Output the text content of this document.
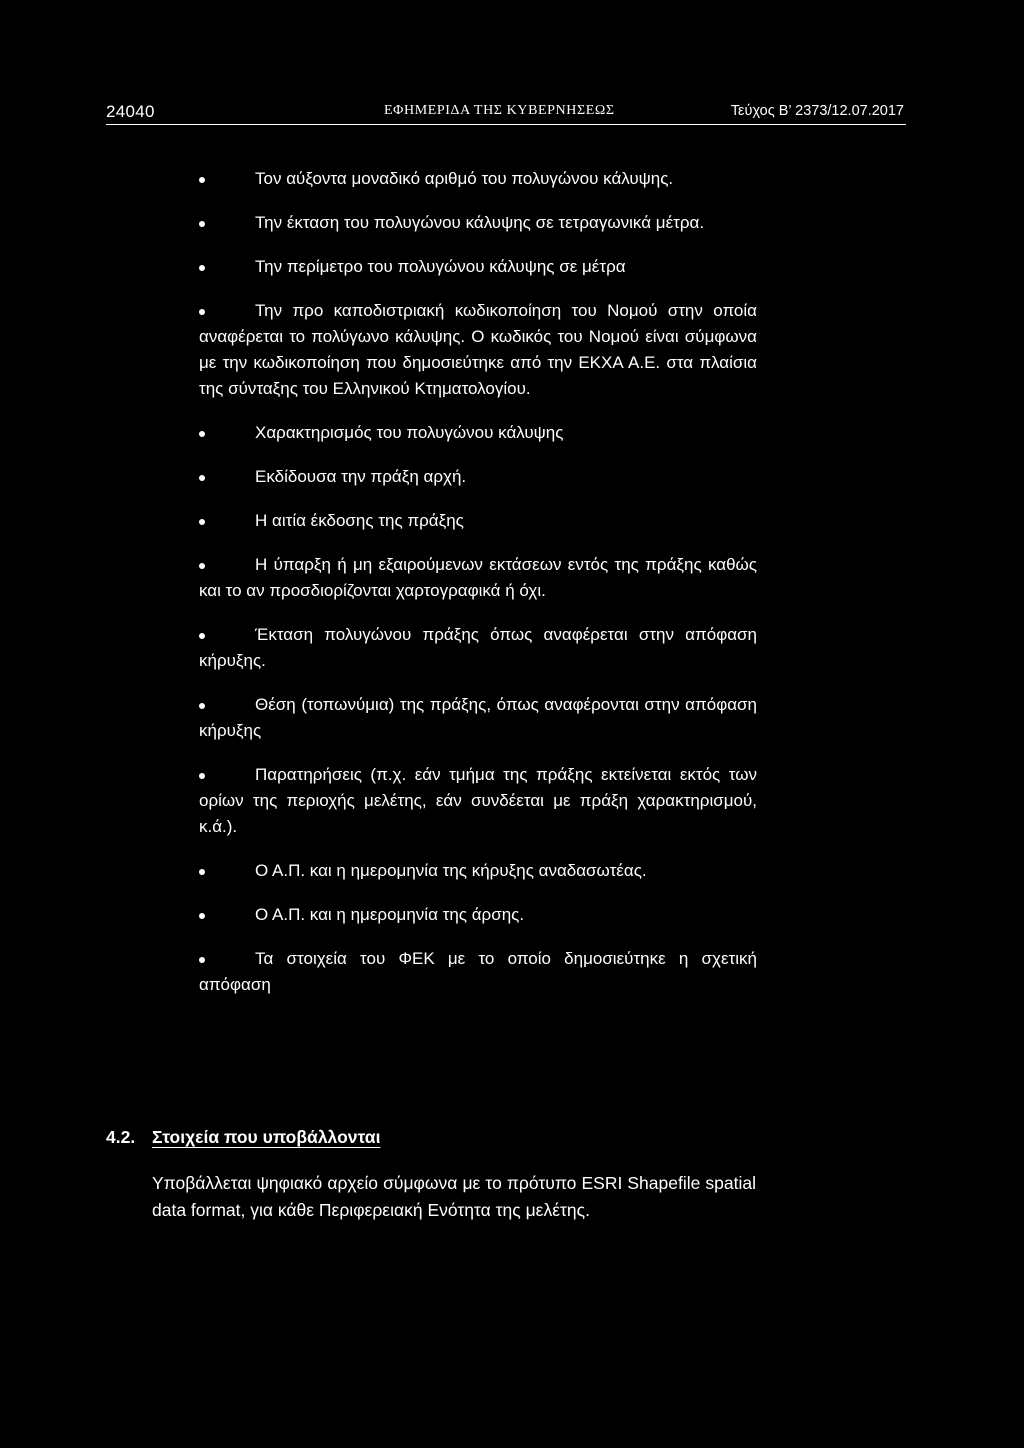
24040	ΕΦΗΜΕΡΙΔΑ ΤΗΣ ΚΥΒΕΡΝΗΣΕΩΣ	Τεύχος B’ 2373/12.07.2017
Τον αύξοντα μοναδικό αριθμό του πολυγώνου κάλυψης.
Την έκταση του πολυγώνου κάλυψης σε τετραγωνικά μέτρα.
Την περίμετρο του πολυγώνου κάλυψης σε μέτρα
Την προ καποδιστριακή κωδικοποίηση του Νομού στην οποία αναφέρεται το πολύγωνο κάλυψης. Ο κωδικός του Νομού είναι σύμφωνα με την κωδικοποίηση που δημοσιεύτηκε από την ΕΚΧΑ Α.Ε. στα πλαίσια της σύνταξης του Ελληνικού Κτηματολογίου.
Χαρακτηρισμός του πολυγώνου κάλυψης
Εκδίδουσα την πράξη αρχή.
Η αιτία έκδοσης της πράξης
Η ύπαρξη ή μη εξαιρούμενων εκτάσεων εντός της πράξης καθώς και το αν προσδιορίζονται χαρτογραφικά ή όχι.
Έκταση πολυγώνου πράξης όπως αναφέρεται στην απόφαση κήρυξης.
Θέση (τοπωνύμια) της πράξης, όπως αναφέρονται στην απόφαση κήρυξης
Παρατηρήσεις (π.χ. εάν τμήμα της πράξης εκτείνεται εκτός των ορίων της περιοχής μελέτης, εάν συνδέεται με πράξη χαρακτηρισμού, κ.ά.).
Ο Α.Π. και η ημερομηνία της κήρυξης αναδασωτέας.
Ο Α.Π. και η ημερομηνία της άρσης.
Τα στοιχεία του ΦΕΚ με το οποίο δημοσιεύτηκε η σχετική απόφαση
4.2. Στοιχεία που υποβάλλονται

Υποβάλλεται ψηφιακό αρχείο σύμφωνα με το πρότυπο ESRI Shapefile spatial data format, για κάθε Περιφερειακή Ενότητα της μελέτης.
